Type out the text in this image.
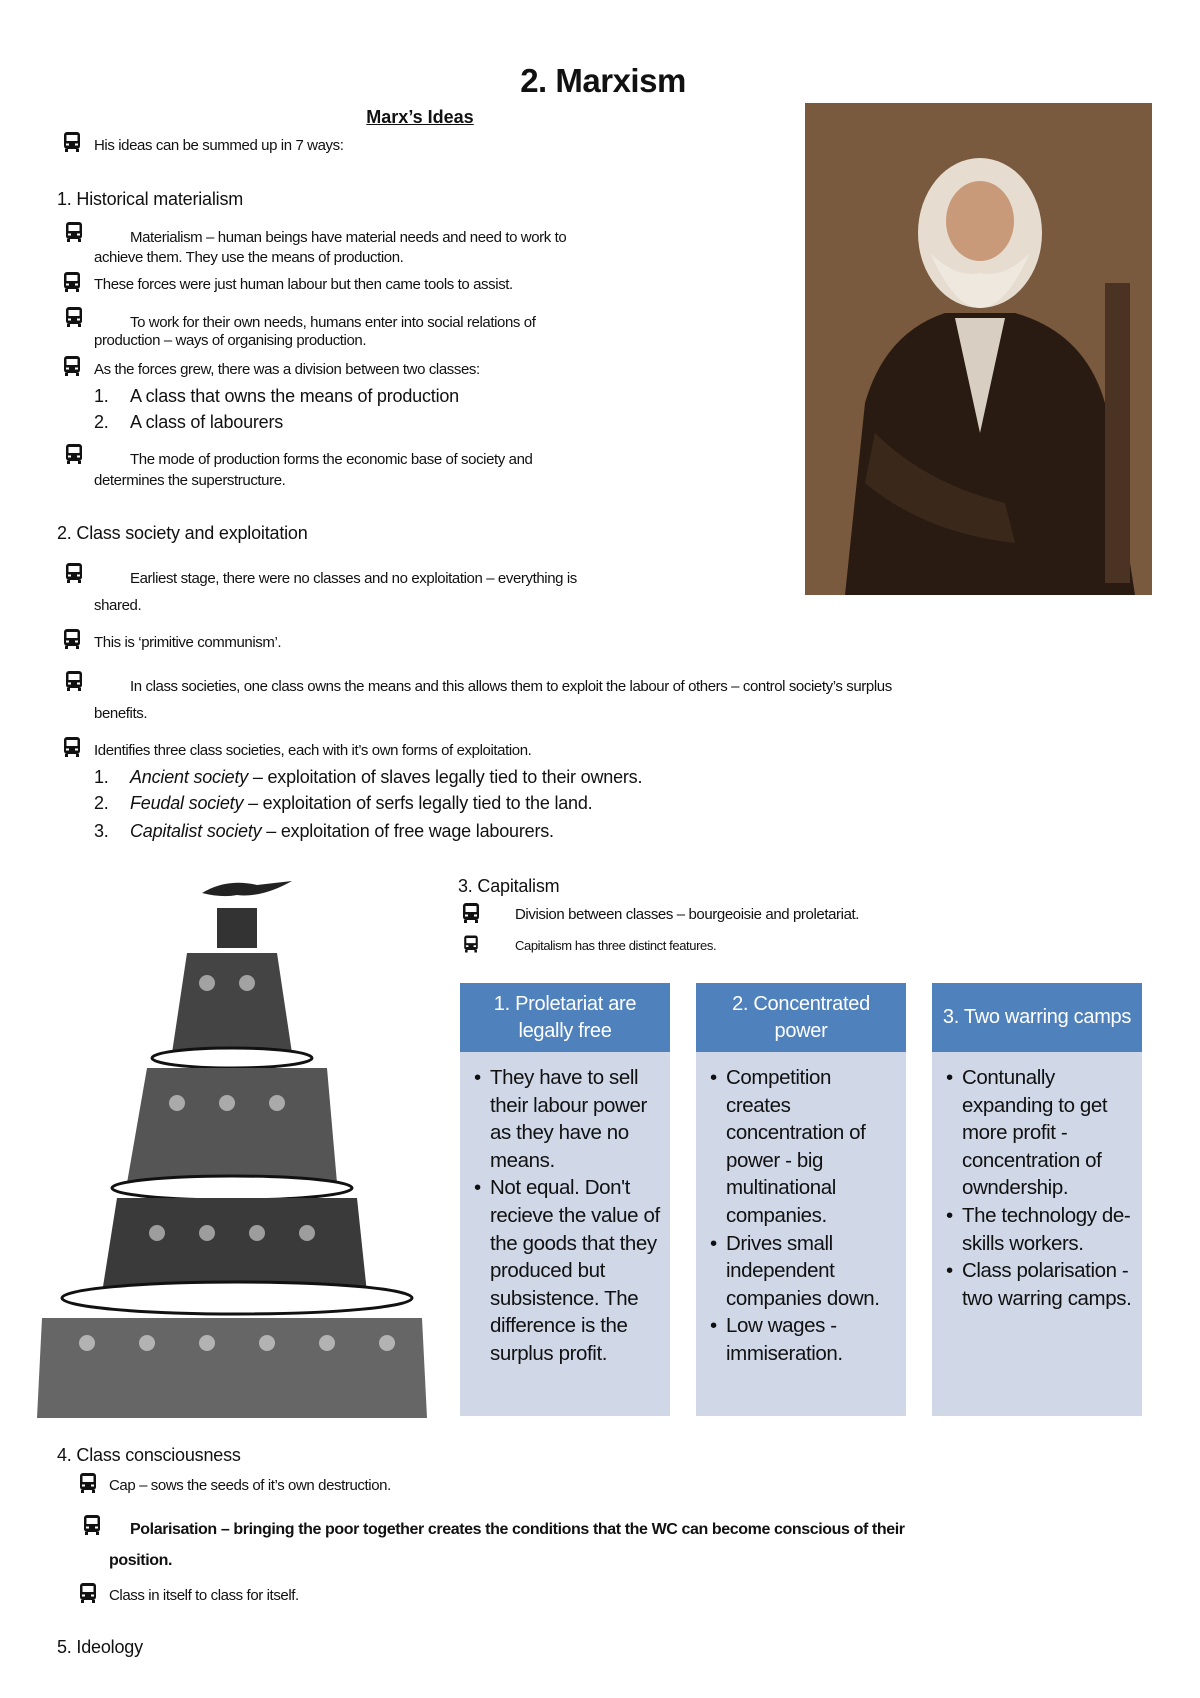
2. Marxism
Marx’s Ideas
His ideas can be summed up in 7 ways:
1. Historical materialism
Materialism – human beings have material needs and need to work to
achieve them. They use the means of production.
These forces were just human labour but then came tools to assist.
To work for their own needs, humans enter into social relations of
production – ways of organising production.
As the forces grew, there was a division between two classes:
1. A class that owns the means of production
2. A class of labourers
The mode of production forms the economic base of society and
determines the superstructure.
2. Class society and exploitation
Earliest stage, there were no classes and no exploitation – everything is
shared.
This is ‘primitive communism’.
In class societies, one class owns the means and this allows them to exploit the labour of others – control society’s surplus
benefits.
Identifies three class societies, each with it’s own forms of exploitation.
1. Ancient society – exploitation of slaves legally tied to their owners.
2. Feudal society – exploitation of serfs legally tied to the land.
3. Capitalist society – exploitation of free wage labourers.
3. Capitalism
Division between classes – bourgeoisie and proletariat.
Capitalism has three distinct features.
1. Proletariat are legally free
• They have to sell their labour power as they have no means.
• Not equal. Don't recieve the value of the goods that they produced but subsistence. The difference is the surplus profit.
2. Concentrated power
• Competition creates concentration of power - big multinational companies.
• Drives small independent companies down.
• Low wages - immiseration.
3. Two warring camps
• Contunally expanding to get more profit - concentration of owndership.
• The technology de-skills workers.
• Class polarisation - two warring camps.
4. Class consciousness
Cap – sows the seeds of it’s own destruction.
Polarisation – bringing the poor together creates the conditions that the WC can become conscious of their
position.
Class in itself to class for itself.
5. Ideology
